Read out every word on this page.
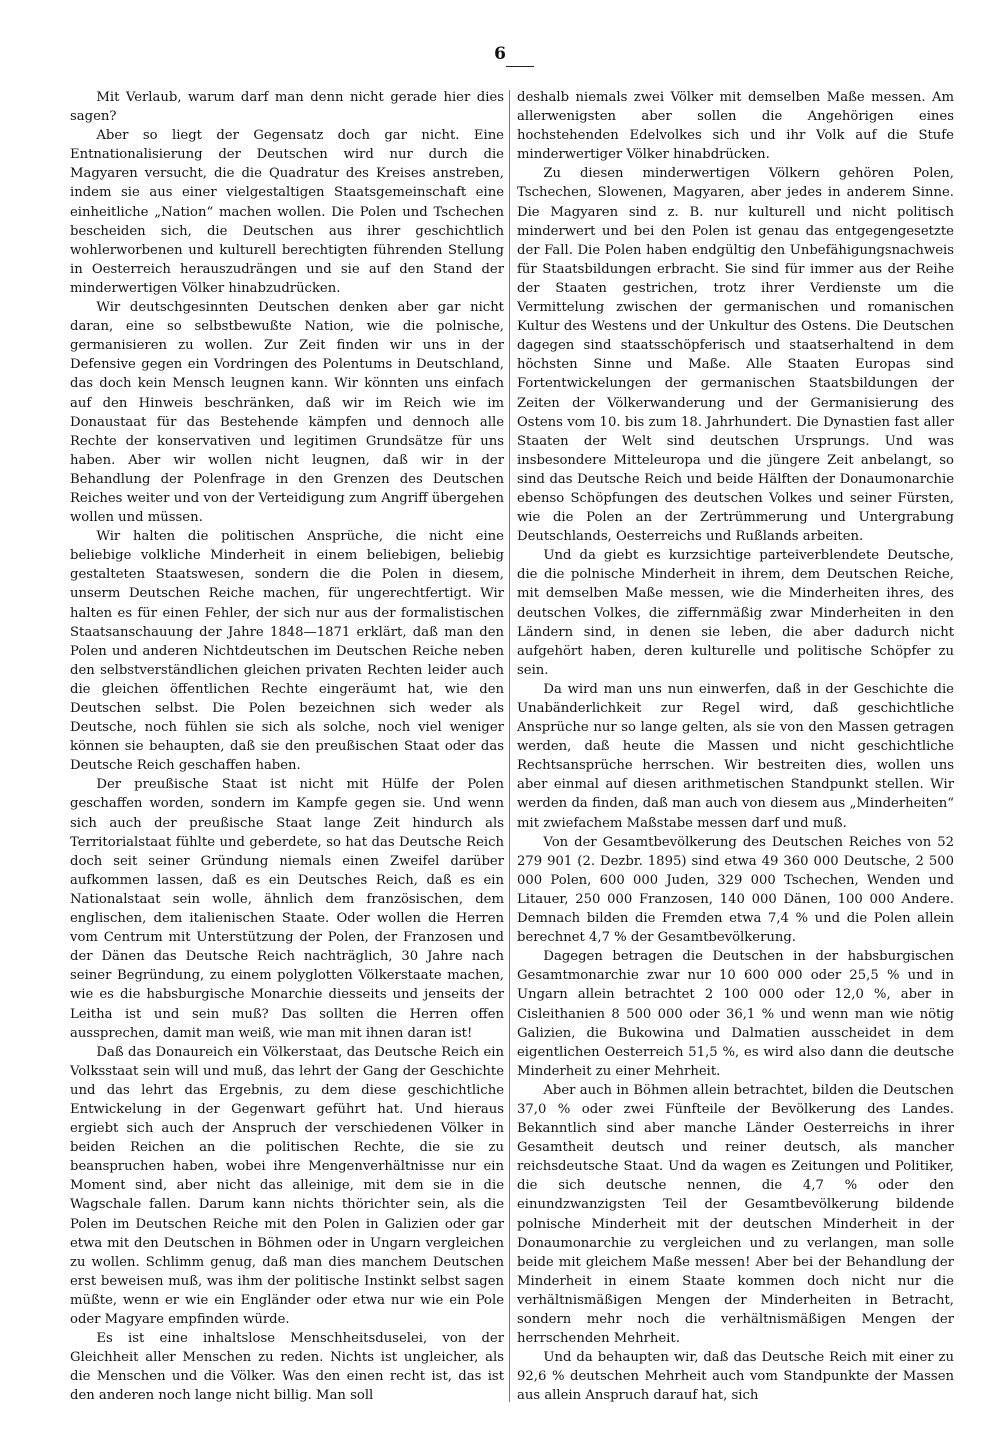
6

Mit Verlaub, warum darf man denn nicht gerade hier dies sagen?

Aber so liegt der Gegensatz doch gar nicht. Eine Entnationalisierung der Deutschen wird nur durch die Magyaren versucht, die die Quadratur des Kreises anstreben, indem sie aus einer vielgestaltigen Staatsgemeinschaft eine einheitliche „Nation“ machen wollen. Die Polen und Tschechen bescheiden sich, die Deutschen aus ihrer geschichtlich wohlerworbenen und kulturell berechtigten führenden Stellung in Oesterreich herauszudrängen und sie auf den Stand der minderwertigen Völker hinabzudrücken.

Wir deutschgesinnten Deutschen denken aber gar nicht daran, eine so selbstbewußte Nation, wie die polnische, germanisieren zu wollen. Zur Zeit finden wir uns in der Defensive gegen ein Vordringen des Polentums in Deutschland, das doch kein Mensch leugnen kann. Wir könnten uns einfach auf den Hinweis beschränken, daß wir im Reich wie im Donaustaat für das Bestehende kämpfen und dennoch alle Rechte der konservativen und legitimen Grundsätze für uns haben. Aber wir wollen nicht leugnen, daß wir in der Behandlung der Polenfrage in den Grenzen des Deutschen Reiches weiter und von der Verteidigung zum Angriff übergehen wollen und müssen.

Wir halten die politischen Ansprüche, die nicht eine beliebige volkliche Minderheit in einem beliebigen, beliebig gestalteten Staatswesen, sondern die die Polen in diesem, unserm Deutschen Reiche machen, für ungerechtfertigt. Wir halten es für einen Fehler, der sich nur aus der formalistischen Staatsanschauung der Jahre 1848—1871 erklärt, daß man den Polen und anderen Nichtdeutschen im Deutschen Reiche neben den selbstverständlichen gleichen privaten Rechten leider auch die gleichen öffentlichen Rechte eingeräumt hat, wie den Deutschen selbst. Die Polen bezeichnen sich weder als Deutsche, noch fühlen sie sich als solche, noch viel weniger können sie behaupten, daß sie den preußischen Staat oder das Deutsche Reich geschaffen haben.

Der preußische Staat ist nicht mit Hülfe der Polen geschaffen worden, sondern im Kampfe gegen sie. Und wenn sich auch der preußische Staat lange Zeit hindurch als Territorialstaat fühlte und geberdete, so hat das Deutsche Reich doch seit seiner Gründung niemals einen Zweifel darüber aufkommen lassen, daß es ein Deutsches Reich, daß es ein Nationalstaat sein wolle, ähnlich dem französischen, dem englischen, dem italienischen Staate. Oder wollen die Herren vom Centrum mit Unterstützung der Polen, der Franzosen und der Dänen das Deutsche Reich nachträglich, 30 Jahre nach seiner Begründung, zu einem polyglotten Völkerstaate machen, wie es die habsburgische Monarchie diesseits und jenseits der Leitha ist und sein muß? Das sollten die Herren offen aussprechen, damit man weiß, wie man mit ihnen daran ist!

Daß das Donaureich ein Völkerstaat, das Deutsche Reich ein Volksstaat sein will und muß, das lehrt der Gang der Geschichte und das lehrt das Ergebnis, zu dem diese geschichtliche Entwickelung in der Gegenwart geführt hat. Und hieraus ergiebt sich auch der Anspruch der verschiedenen Völker in beiden Reichen an die politischen Rechte, die sie zu beanspruchen haben, wobei ihre Mengenverhältnisse nur ein Moment sind, aber nicht das alleinige, mit dem sie in die Wagschale fallen. Darum kann nichts thörichter sein, als die Polen im Deutschen Reiche mit den Polen in Galizien oder gar etwa mit den Deutschen in Böhmen oder in Ungarn vergleichen zu wollen. Schlimm genug, daß man dies manchem Deutschen erst beweisen muß, was ihm der politische Instinkt selbst sagen müßte, wenn er wie ein Engländer oder etwa nur wie ein Pole oder Magyare empfinden würde.

Es ist eine inhaltslose Menschheitsduselei, von der Gleichheit aller Menschen zu reden. Nichts ist ungleicher, als die Menschen und die Völker. Was den einen recht ist, das ist den anderen noch lange nicht billig. Man soll

deshalb niemals zwei Völker mit demselben Maße messen. Am allerwenigsten aber sollen die Angehörigen eines hochstehenden Edelvolkes sich und ihr Volk auf die Stufe minderwertiger Völker hinabdrücken.

Zu diesen minderwertigen Völkern gehören Polen, Tschechen, Slowenen, Magyaren, aber jedes in anderem Sinne. Die Magyaren sind z. B. nur kulturell und nicht politisch minderwert und bei den Polen ist genau das entgegengesetzte der Fall. Die Polen haben endgültig den Unbefähigungsnachweis für Staatsbildungen erbracht. Sie sind für immer aus der Reihe der Staaten gestrichen, trotz ihrer Verdienste um die Vermittelung zwischen der germanischen und romanischen Kultur des Westens und der Unkultur des Ostens. Die Deutschen dagegen sind staatsschöpferisch und staatserhaltend in dem höchsten Sinne und Maße. Alle Staaten Europas sind Fortentwickelungen der germanischen Staatsbildungen der Zeiten der Völkerwanderung und der Germanisierung des Ostens vom 10. bis zum 18. Jahrhundert. Die Dynastien fast aller Staaten der Welt sind deutschen Ursprungs. Und was insbesondere Mitteleuropa und die jüngere Zeit anbelangt, so sind das Deutsche Reich und beide Hälften der Donaumonarchie ebenso Schöpfungen des deutschen Volkes und seiner Fürsten, wie die Polen an der Zertrümmerung und Untergrabung Deutschlands, Oesterreichs und Rußlands arbeiten.

Und da giebt es kurzsichtige parteiverblendete Deutsche, die die polnische Minderheit in ihrem, dem Deutschen Reiche, mit demselben Maße messen, wie die Minderheiten ihres, des deutschen Volkes, die ziffernmäßig zwar Minderheiten in den Ländern sind, in denen sie leben, die aber dadurch nicht aufgehört haben, deren kulturelle und politische Schöpfer zu sein.

Da wird man uns nun einwerfen, daß in der Geschichte die Unabänderlichkeit zur Regel wird, daß geschichtliche Ansprüche nur so lange gelten, als sie von den Massen getragen werden, daß heute die Massen und nicht geschichtliche Rechtsansprüche herrschen. Wir bestreiten dies, wollen uns aber einmal auf diesen arithmetischen Standpunkt stellen. Wir werden da finden, daß man auch von diesem aus „Minderheiten“ mit zwiefachem Maßstabe messen darf und muß.

Von der Gesamtbevölkerung des Deutschen Reiches von 52 279 901 (2. Dezbr. 1895) sind etwa 49 360 000 Deutsche, 2 500 000 Polen, 600 000 Juden, 329 000 Tschechen, Wenden und Litauer, 250 000 Franzosen, 140 000 Dänen, 100 000 Andere. Demnach bilden die Fremden etwa 7,4 % und die Polen allein berechnet 4,7 % der Gesamtbevölkerung.

Dagegen betragen die Deutschen in der habsburgischen Gesamtmonarchie zwar nur 10 600 000 oder 25,5 % und in Ungarn allein betrachtet 2 100 000 oder 12,0 %, aber in Cisleithanien 8 500 000 oder 36,1 % und wenn man wie nötig Galizien, die Bukowina und Dalmatien ausscheidet in dem eigentlichen Oesterreich 51,5 %, es wird also dann die deutsche Minderheit zu einer Mehrheit.

Aber auch in Böhmen allein betrachtet, bilden die Deutschen 37,0 % oder zwei Fünfteile der Bevölkerung des Landes. Bekanntlich sind aber manche Länder Oesterreichs in ihrer Gesamtheit deutsch und reiner deutsch, als mancher reichsdeutsche Staat. Und da wagen es Zeitungen und Politiker, die sich deutsche nennen, die 4,7 % oder den einundzwanzigsten Teil der Gesamtbevölkerung bildende polnische Minderheit mit der deutschen Minderheit in der Donaumonarchie zu vergleichen und zu verlangen, man solle beide mit gleichem Maße messen! Aber bei der Behandlung der Minderheit in einem Staate kommen doch nicht nur die verhältnismäßigen Mengen der Minderheiten in Betracht, sondern mehr noch die verhältnismäßigen Mengen der herrschenden Mehrheit.

Und da behaupten wir, daß das Deutsche Reich mit einer zu 92,6 % deutschen Mehrheit auch vom Standpunkte der Massen aus allein Anspruch darauf hat, sich
